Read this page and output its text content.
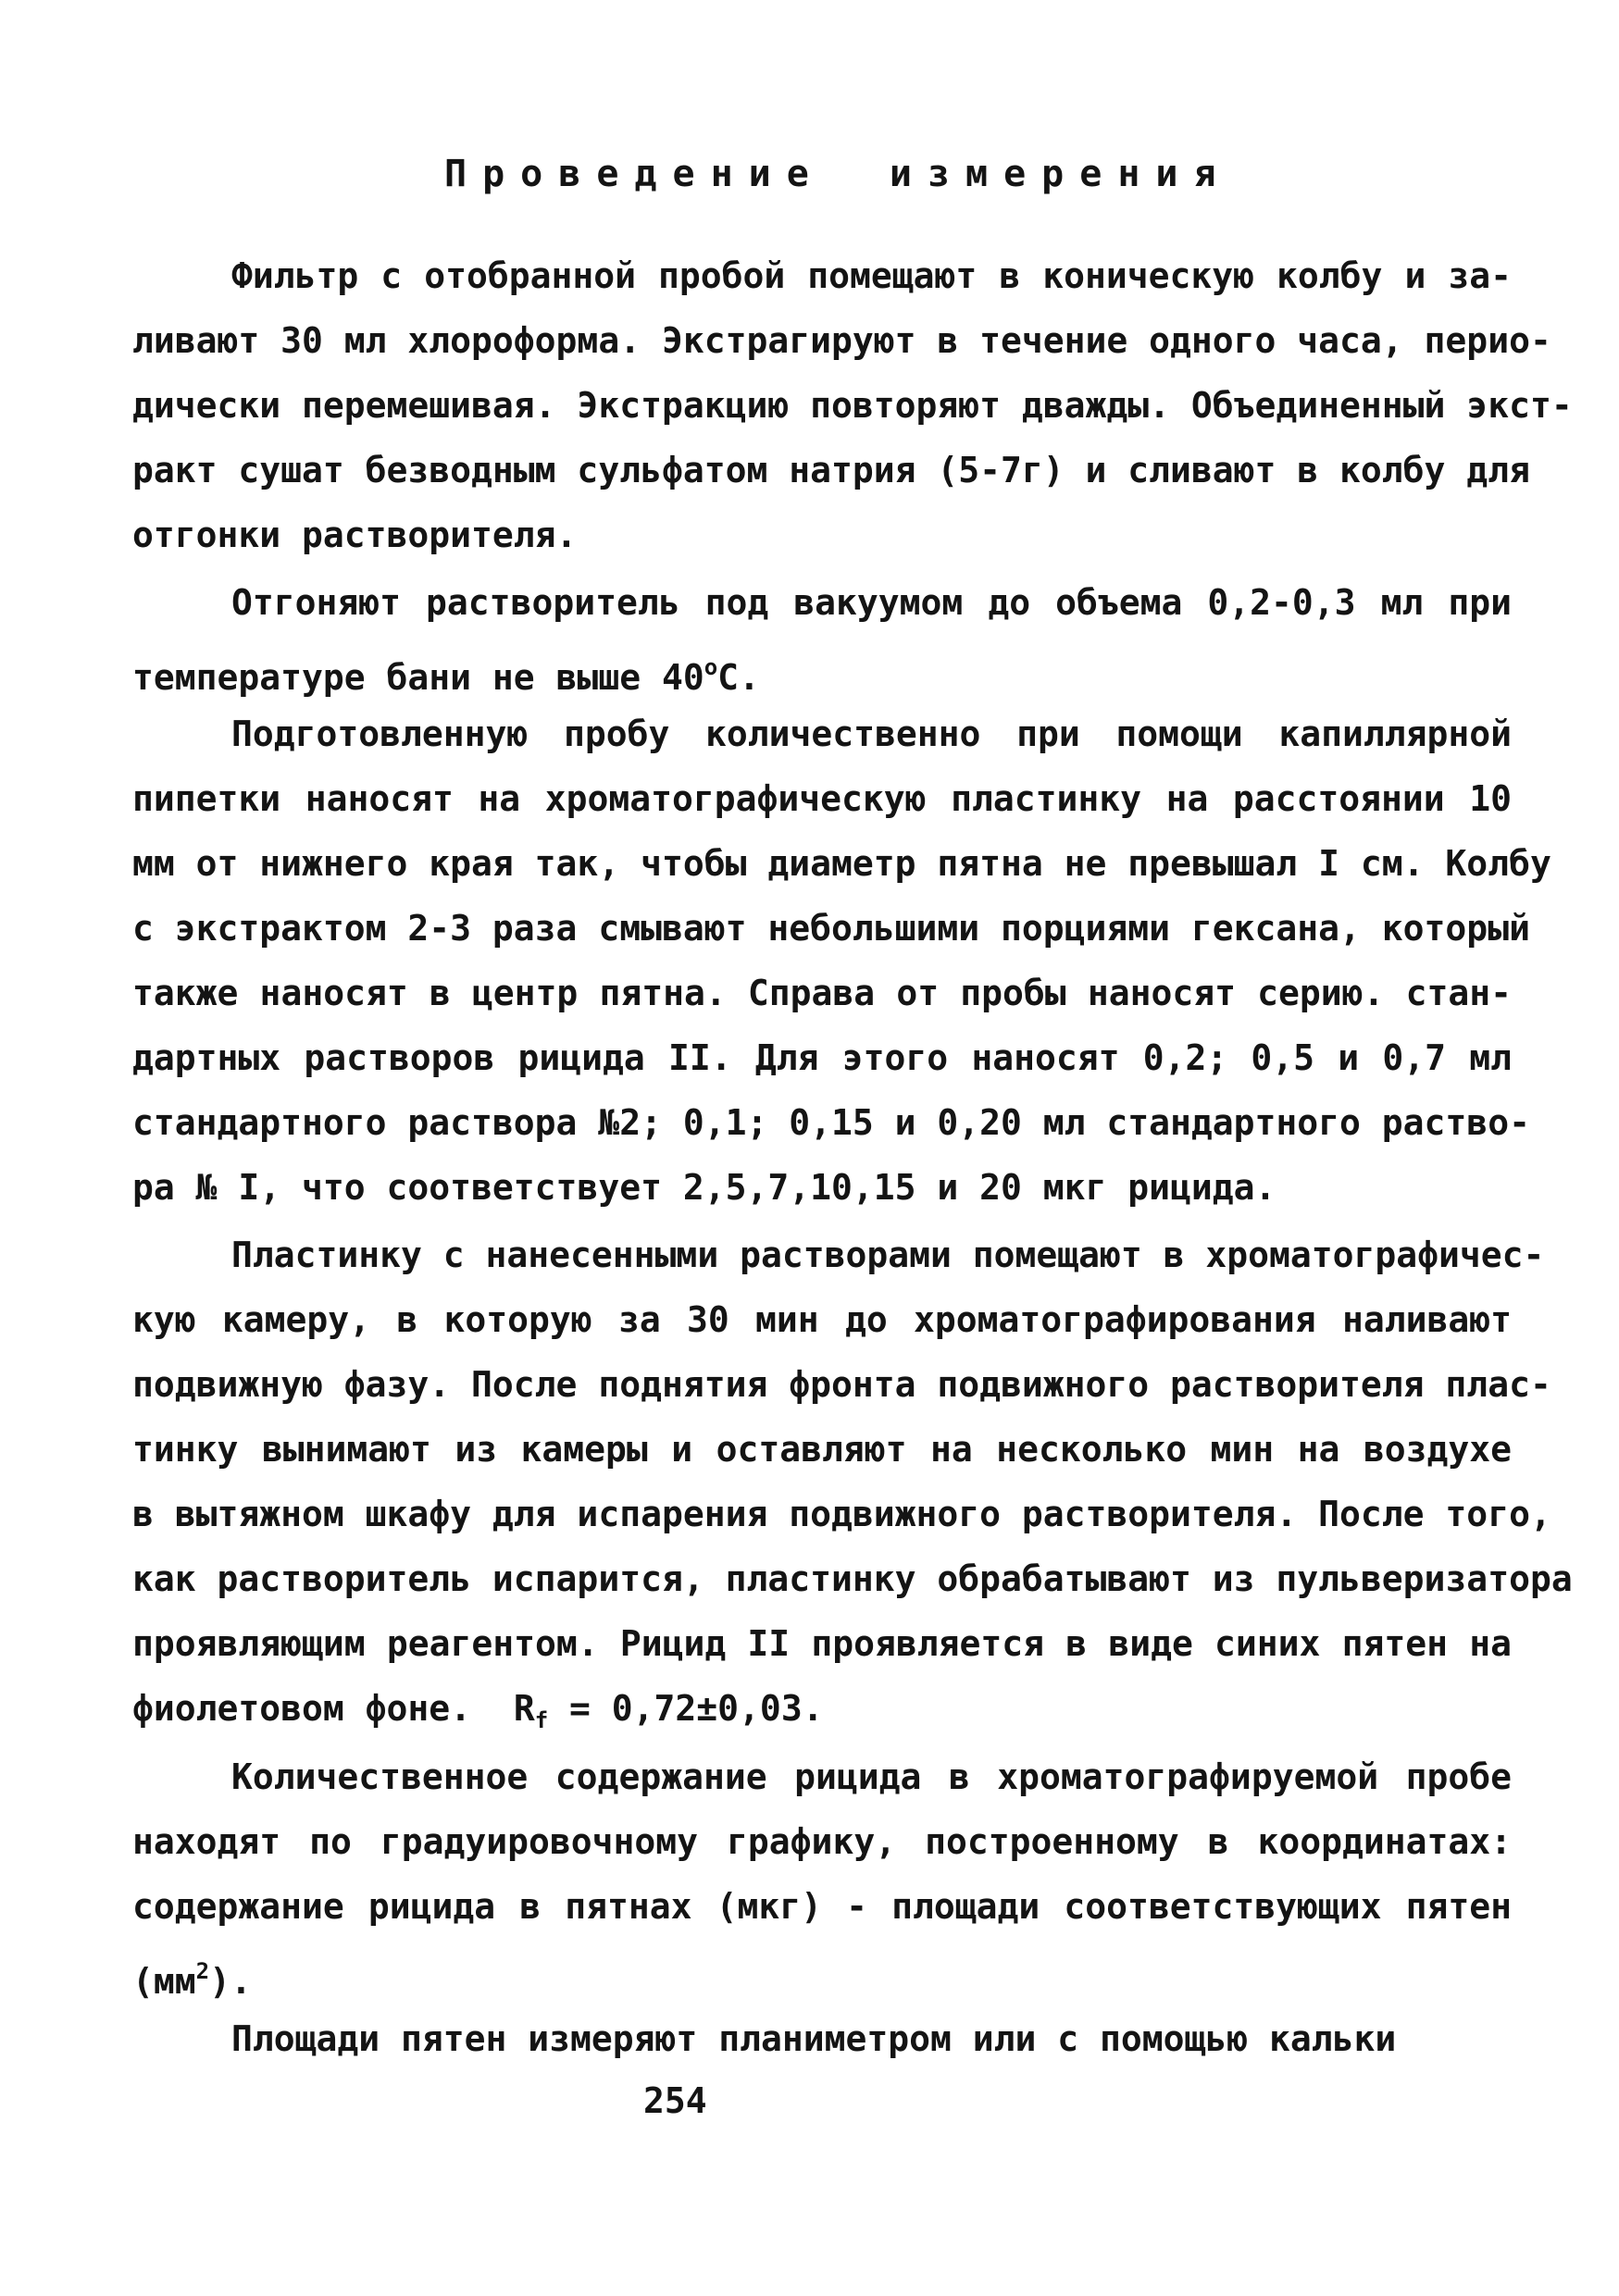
Проведение измерения
Фильтр с отобранной пробой помещают в коническую колбу и за-
ливают 30 мл хлороформа. Экстрагируют в течение одного часа, перио-
дически перемешивая. Экстракцию повторяют дважды. Объединенный экст-
ракт сушат безводным сульфатом натрия (5-7г) и сливают в колбу для
отгонки растворителя.
Отгоняют растворитель под вакуумом до объема 0,2-0,3 мл при
температуре бани не выше 40$^o$C.
Подготовленную пробу количественно при помощи капиллярной
пипетки наносят на хроматографическую пластинку на расстоянии 10
мм от нижнего края так, чтобы диаметр пятна не превышал I см. Колбу
с экстрактом 2-3 раза смывают небольшими порциями гексана, который
также наносят в центр пятна. Справа от пробы наносят серию. стан-
дартных растворов рицида II. Для этого наносят 0,2; 0,5 и 0,7 мл
стандартного раствора №2; 0,1; 0,15 и 0,20 мл стандартного раство-
ра № I, что соответствует 2,5,7,10,15 и 20 мкг рицида.
Пластинку с нанесенными растворами помещают в хроматографичес-
кую камеру, в которую за 30 мин до хроматографирования наливают
подвижную фазу. После поднятия фронта подвижного растворителя плас-
тинку вынимают из камеры и оставляют на несколько мин на воздухе
в вытяжном шкафу для испарения подвижного растворителя. После того,
как растворитель испарится, пластинку обрабатывают из пульверизатора
проявляющим реагентом. Рицид II проявляется в виде синих пятен на
фиолетовом фоне. $R_f = 0,72\pm 0,03$.
Количественное содержание рицида в хроматографируемой пробе
находят по градуировочному графику, построенному в координатах:
содержание рицида в пятнах (мкг) - площади соответствующих пятен
$(мм^2)$.
Площади пятен измеряют планиметром или с помощью кальки
254
